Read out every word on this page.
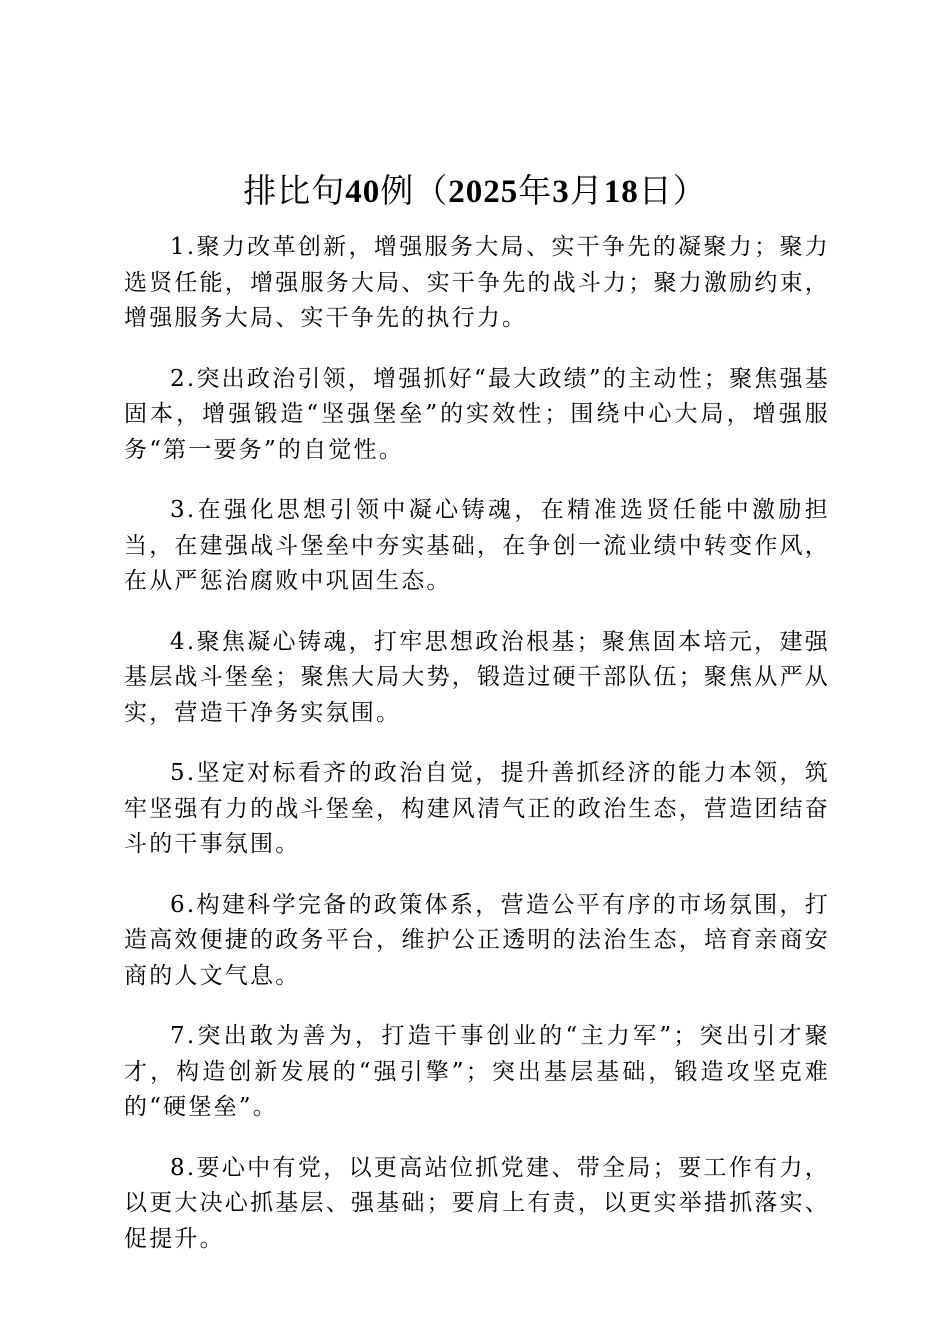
排比句40例（2025年3月18日）

1.聚力改革创新，增强服务大局、实干争先的凝聚力；聚力选贤任能，增强服务大局、实干争先的战斗力；聚力激励约束，增强服务大局、实干争先的执行力。

2.突出政治引领，增强抓好“最大政绩”的主动性；聚焦强基固本，增强锻造“坚强堡垒”的实效性；围绕中心大局，增强服务“第一要务”的自觉性。

3.在强化思想引领中凝心铸魂，在精准选贤任能中激励担当，在建强战斗堡垒中夯实基础，在争创一流业绩中转变作风，在从严惩治腐败中巩固生态。

4.聚焦凝心铸魂，打牢思想政治根基；聚焦固本培元，建强基层战斗堡垒；聚焦大局大势，锻造过硬干部队伍；聚焦从严从实，营造干净务实氛围。

5.坚定对标看齐的政治自觉，提升善抓经济的能力本领，筑牢坚强有力的战斗堡垒，构建风清气正的政治生态，营造团结奋斗的干事氛围。

6.构建科学完备的政策体系，营造公平有序的市场氛围，打造高效便捷的政务平台，维护公正透明的法治生态，培育亲商安商的人文气息。

7.突出敢为善为，打造干事创业的“主力军”；突出引才聚才，构造创新发展的“强引擎”；突出基层基础，锻造攻坚克难的“硬堡垒”。

8.要心中有党，以更高站位抓党建、带全局；要工作有力，以更大决心抓基层、强基础；要肩上有责，以更实举措抓落实、促提升。
